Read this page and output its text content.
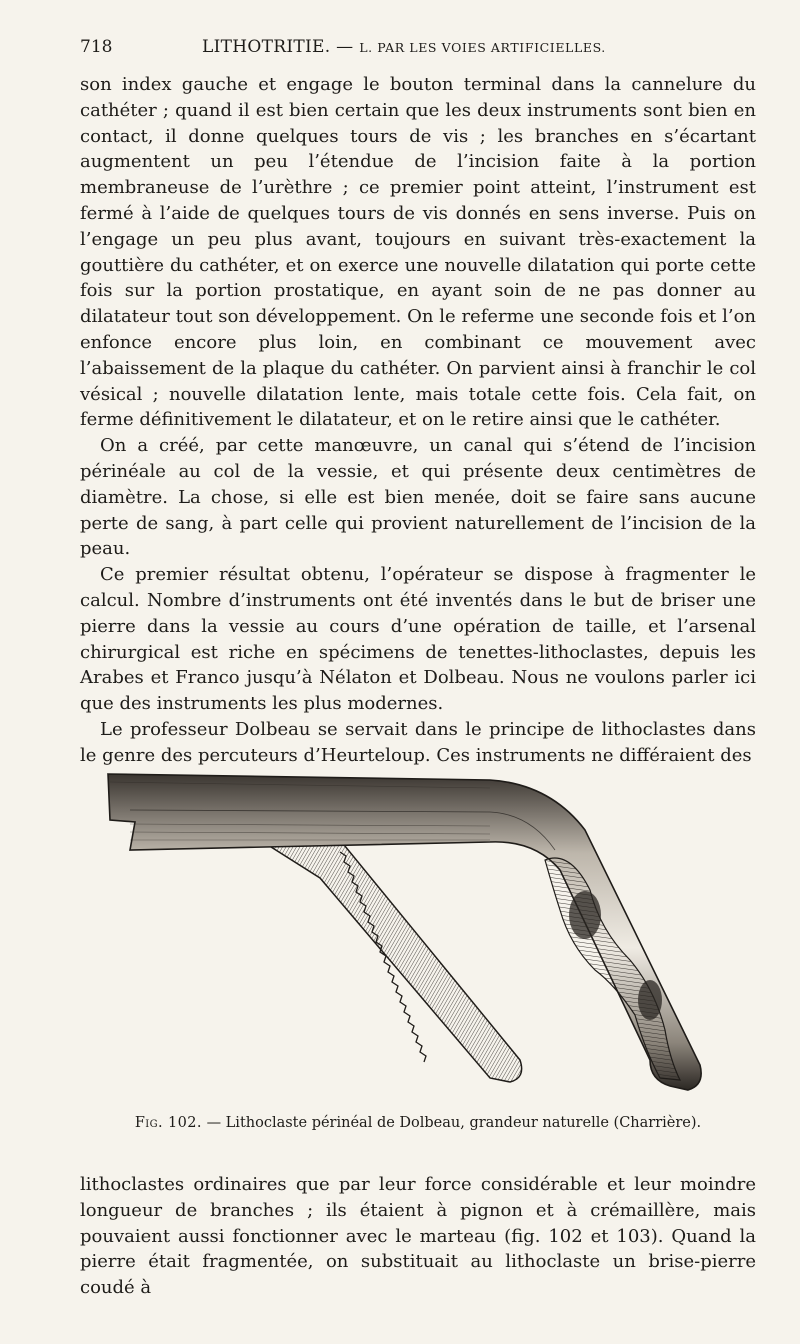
718	LITHOTRITIE. — L. PAR LES VOIES ARTIFICIELLES.

son index gauche et engage le bouton terminal dans la cannelure du cathéter ; quand il est bien certain que les deux instruments sont bien en contact, il donne quelques tours de vis ; les branches en s’écartant augmentent un peu l’étendue de l’incision faite à la portion membraneuse de l’urèthre ; ce premier point atteint, l’instrument est fermé à l’aide de quelques tours de vis donnés en sens inverse. Puis on l’engage un peu plus avant, toujours en suivant très-exactement la gouttière du cathéter, et on exerce une nouvelle dilatation qui porte cette fois sur la portion prostatique, en ayant soin de ne pas donner au dilatateur tout son développement. On le referme une seconde fois et l’on enfonce encore plus loin, en combinant ce mouvement avec l’abaissement de la plaque du cathéter. On parvient ainsi à franchir le col vésical ; nouvelle dilatation lente, mais totale cette fois. Cela fait, on ferme définitivement le dilatateur, et on le retire ainsi que le cathéter.

On a créé, par cette manœuvre, un canal qui s’étend de l’incision périnéale au col de la vessie, et qui présente deux centimètres de diamètre. La chose, si elle est bien menée, doit se faire sans aucune perte de sang, à part celle qui provient naturellement de l’incision de la peau.

Ce premier résultat obtenu, l’opérateur se dispose à fragmenter le calcul. Nombre d’instruments ont été inventés dans le but de briser une pierre dans la vessie au cours d’une opération de taille, et l’arsenal chirurgical est riche en spécimens de tenettes-lithoclastes, depuis les Arabes et Franco jusqu’à Nélaton et Dolbeau. Nous ne voulons parler ici que des instruments les plus modernes.

Le professeur Dolbeau se servait dans le principe de lithoclastes dans le genre des percuteurs d’Heurteloup. Ces instruments ne différaient des

Fig. 102. — Lithoclaste périnéal de Dolbeau, grandeur naturelle (Charrière).

lithoclastes ordinaires que par leur force considérable et leur moindre longueur de branches ; ils étaient à pignon et à crémaillère, mais pouvaient aussi fonctionner avec le marteau (fig. 102 et 103). Quand la pierre était fragmentée, on substituait au lithoclaste un brise-pierre coudé à
